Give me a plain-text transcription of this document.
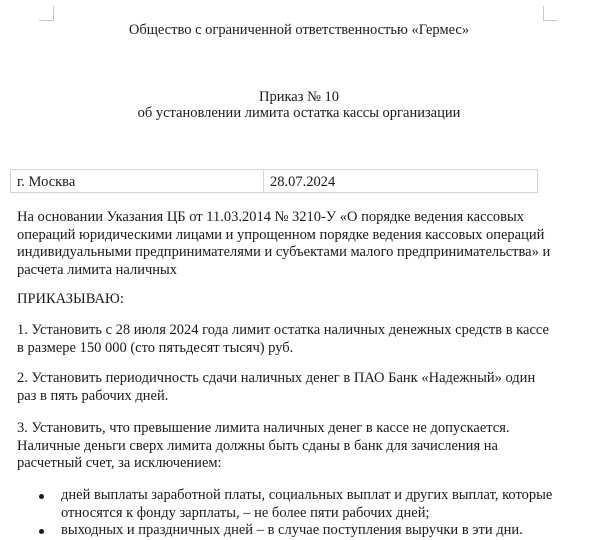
Общество с ограниченной ответственностью «Гермес»
Приказ № 10
об установлении лимита остатка кассы организации
г. Москва	28.07.2024
На основании Указания ЦБ от 11.03.2014 № 3210-У «О порядке ведения кассовых операций юридическими лицами и упрощенном порядке ведения кассовых операций индивидуальными предпринимателями и субъектами малого предпринимательства» и расчета лимита наличных
ПРИКАЗЫВАЮ:
1. Установить с 28 июля 2024 года лимит остатка наличных денежных средств в кассе в размере 150 000 (сто пятьдесят тысяч) руб.
2. Установить периодичность сдачи наличных денег в ПАО Банк «Надежный» один раз в пять рабочих дней.
3. Установить, что превышение лимита наличных денег в кассе не допускается. Наличные деньги сверх лимита должны быть сданы в банк для зачисления на расчетный счет, за исключением:
дней выплаты заработной платы, социальных выплат и других выплат, которые относятся к фонду зарплаты, – не более пяти рабочих дней;
выходных и праздничных дней – в случае поступления выручки в эти дни.
